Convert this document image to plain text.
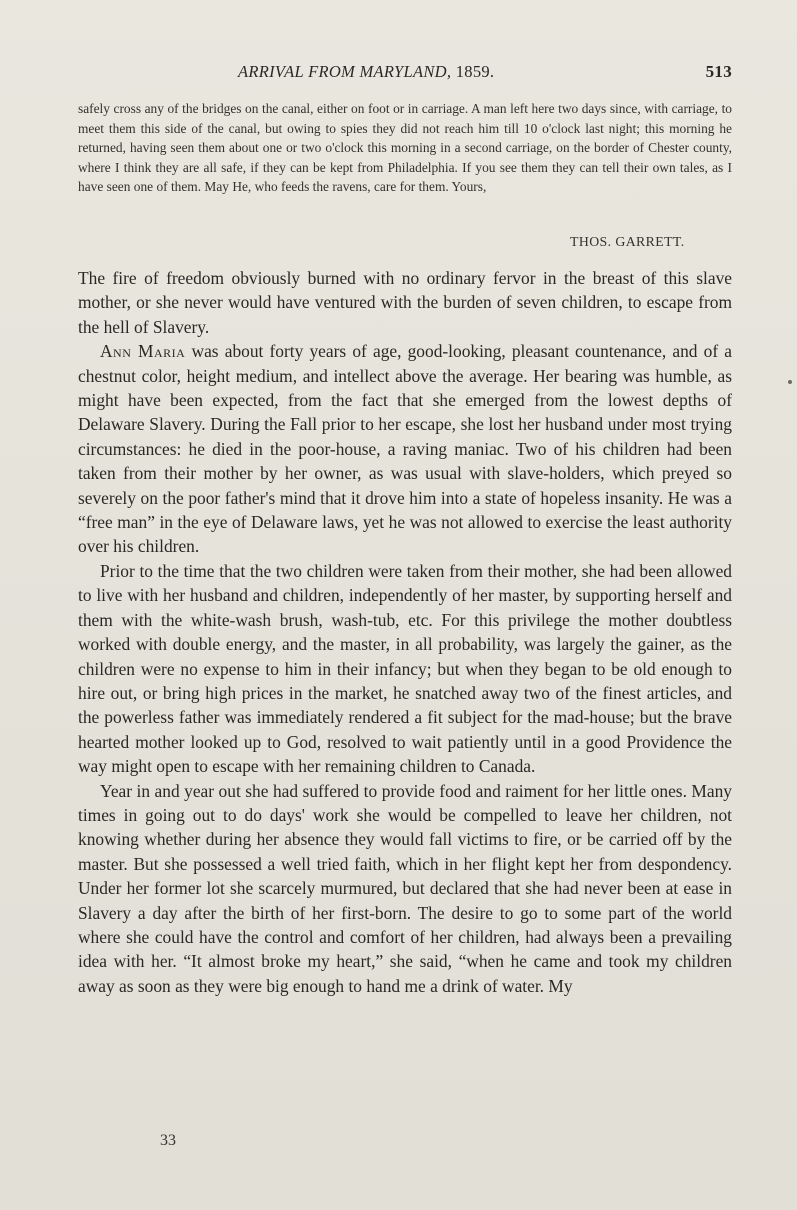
ARRIVAL FROM MARYLAND, 1859.	513

safely cross any of the bridges on the canal, either on foot or in carriage. A man left here two days since, with carriage, to meet them this side of the canal, but owing to spies they did not reach him till 10 o'clock last night; this morning he returned, having seen them about one or two o'clock this morning in a second carriage, on the border of Chester county, where I think they are all safe, if they can be kept from Philadelphia. If you see them they can tell their own tales, as I have seen one of them. May He, who feeds the ravens, care for them. Yours,

THOS. GARRETT.

The fire of freedom obviously burned with no ordinary fervor in the breast of this slave mother, or she never would have ventured with the burden of seven children, to escape from the hell of Slavery.

Ann Maria was about forty years of age, good-looking, pleasant countenance, and of a chestnut color, height medium, and intellect above the average. Her bearing was humble, as might have been expected, from the fact that she emerged from the lowest depths of Delaware Slavery. During the Fall prior to her escape, she lost her husband under most trying circumstances: he died in the poor-house, a raving maniac. Two of his children had been taken from their mother by her owner, as was usual with slave-holders, which preyed so severely on the poor father's mind that it drove him into a state of hopeless insanity. He was a “free man” in the eye of Delaware laws, yet he was not allowed to exercise the least authority over his children.

Prior to the time that the two children were taken from their mother, she had been allowed to live with her husband and children, independently of her master, by supporting herself and them with the white-wash brush, wash-tub, etc. For this privilege the mother doubtless worked with double energy, and the master, in all probability, was largely the gainer, as the children were no expense to him in their infancy; but when they began to be old enough to hire out, or bring high prices in the market, he snatched away two of the finest articles, and the powerless father was immediately rendered a fit subject for the mad-house; but the brave hearted mother looked up to God, resolved to wait patiently until in a good Providence the way might open to escape with her remaining children to Canada.

Year in and year out she had suffered to provide food and raiment for her little ones. Many times in going out to do days' work she would be compelled to leave her children, not knowing whether during her absence they would fall victims to fire, or be carried off by the master. But she possessed a well tried faith, which in her flight kept her from despondency. Under her former lot she scarcely murmured, but declared that she had never been at ease in Slavery a day after the birth of her first-born. The desire to go to some part of the world where she could have the control and comfort of her children, had always been a prevailing idea with her. “It almost broke my heart,” she said, “when he came and took my children away as soon as they were big enough to hand me a drink of water. My

33
